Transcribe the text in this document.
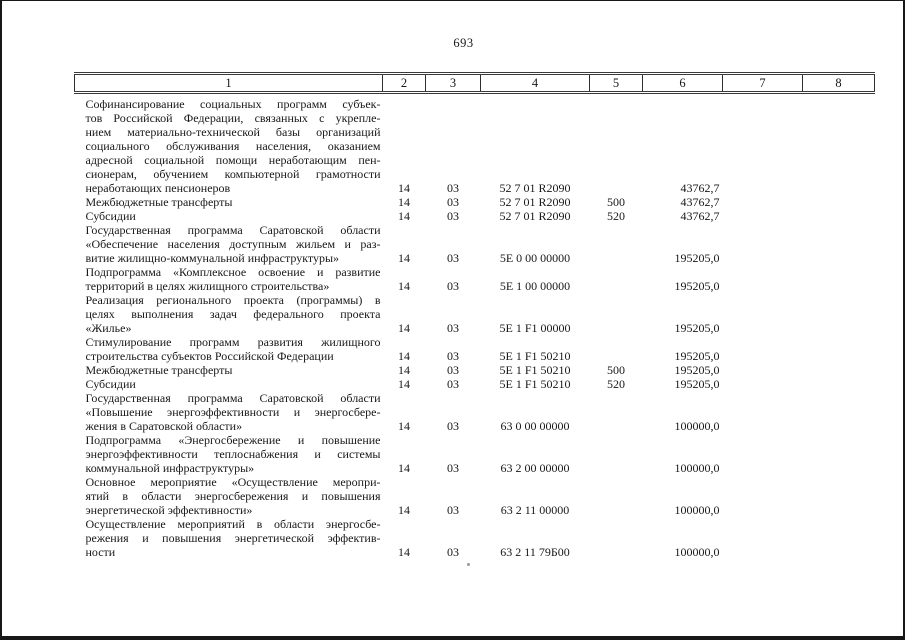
693
1	2	3	4	5	6	7	8

Софинансирование социальных программ субъек-
тов Российской Федерации, связанных с укрепле-
нием материально-технической базы организаций
социального обслуживания населения, оказанием
адресной социальной помощи неработающим пен-
сионерам, обучением компьютерной грамотности
неработающих пенсионеров	14	03	52 7 01 R2090		43762,7		

Межбюджетные трансферты	14	03	52 7 01 R2090	500	43762,7		

Субсидии	14	03	52 7 01 R2090	520	43762,7		

Государственная программа Саратовской области
«Обеспечение населения доступным жильем и раз-
витие жилищно-коммунальной инфраструктуры»	14	03	5Е 0 00 00000		195205,0		

Подпрограмма «Комплексное освоение и развитие
территорий в целях жилищного строительства»	14	03	5Е 1 00 00000		195205,0		

Реализация регионального проекта (программы) в
целях выполнения задач федерального проекта
«Жилье»	14	03	5Е 1 F1 00000		195205,0		

Стимулирование программ развития жилищного
строительства субъектов Российской Федерации	14	03	5Е 1 F1 50210		195205,0		

Межбюджетные трансферты	14	03	5Е 1 F1 50210	500	195205,0		

Субсидии	14	03	5Е 1 F1 50210	520	195205,0		

Государственная программа Саратовской области
«Повышение энергоэффективности и энергосбере-
жения в Саратовской области»	14	03	63 0 00 00000		100000,0		

Подпрограмма «Энергосбережение и повышение
энергоэффективности теплоснабжения и системы
коммунальной инфраструктуры»	14	03	63 2 00 00000		100000,0		

Основное мероприятие «Осуществление меропри-
ятий в области энергосбережения и повышения
энергетической эффективности»	14	03	63 2 11 00000		100000,0		

Осуществление мероприятий в области энергосбе-
режения и повышения энергетической эффектив-
ности	14	03	63 2 11 79Б00		100000,0		
